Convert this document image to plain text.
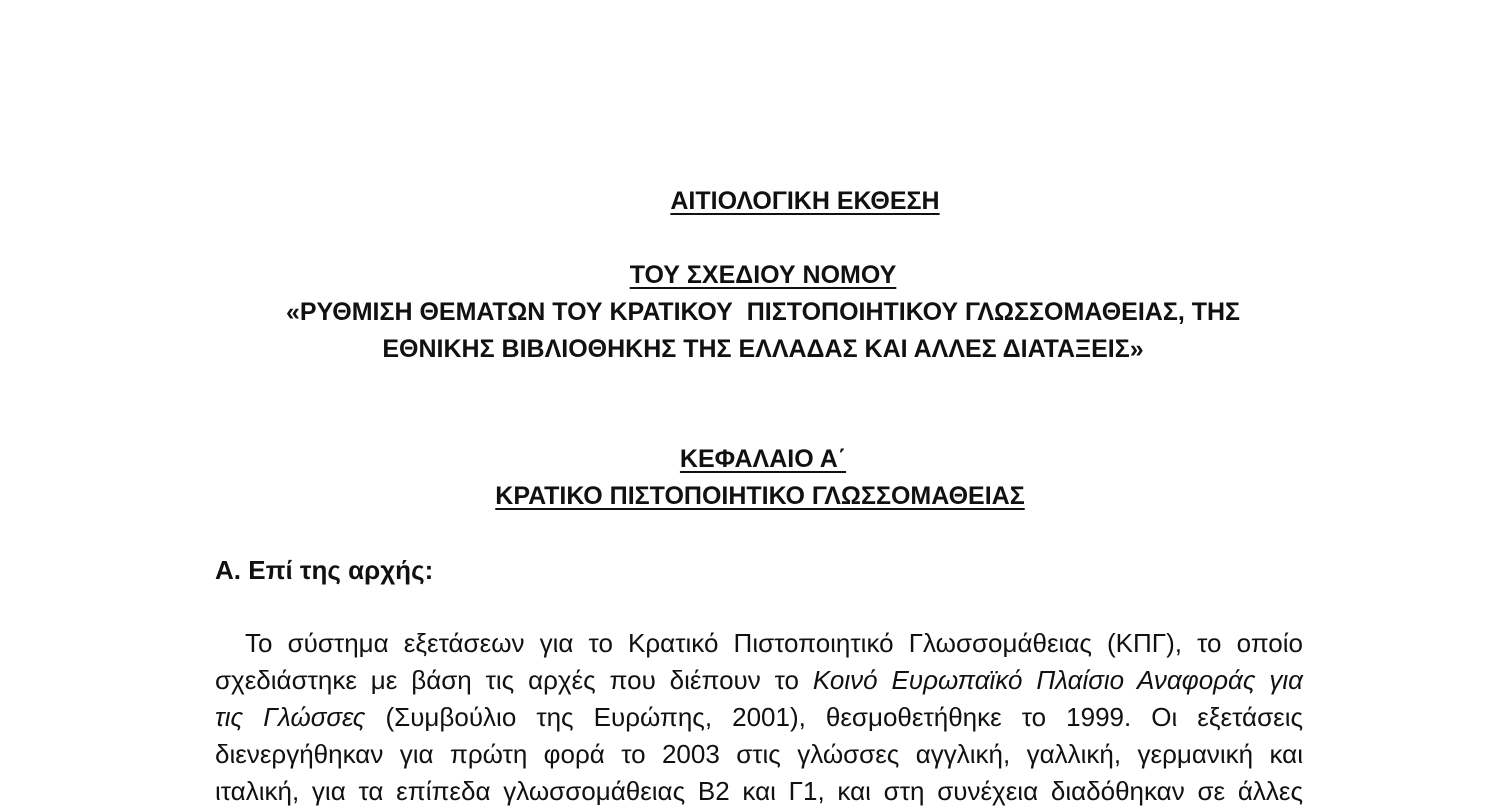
ΑΙΤΙΟΛΟΓΙΚΗ ΕΚΘΕΣΗ
ΤΟΥ ΣΧΕΔΙΟΥ ΝΟΜΟΥ
«ΡΥΘΜΙΣΗ ΘΕΜΑΤΩΝ ΤΟΥ ΚΡΑΤΙΚΟΥ  ΠΙΣΤΟΠΟΙΗΤΙΚΟΥ ΓΛΩΣΣΟΜΑΘΕΙΑΣ, ΤΗΣ
ΕΘΝΙΚΗΣ ΒΙΒΛΙΟΘΗΚΗΣ ΤΗΣ ΕΛΛΑΔΑΣ ΚΑΙ ΑΛΛΕΣ ΔΙΑΤΑΞΕΙΣ»
ΚΕΦΑΛΑΙΟ Α΄
ΚΡΑΤΙΚΟ ΠΙΣΤΟΠΟΙΗΤΙΚΟ ΓΛΩΣΣΟΜΑΘΕΙΑΣ
Α. Επί της αρχής:
Το σύστημα εξετάσεων για το Κρατικό Πιστοποιητικό Γλωσσομάθειας (ΚΠΓ), το οποίο
σχεδιάστηκε με βάση τις αρχές που διέπουν το Κοινό Ευρωπαϊκό Πλαίσιο Αναφοράς για
τις Γλώσσες (Συμβούλιο της Ευρώπης, 2001), θεσμοθετήθηκε το 1999. Οι εξετάσεις
διενεργήθηκαν για πρώτη φορά το 2003 στις γλώσσες αγγλική, γαλλική, γερμανική και
ιταλική, για τα επίπεδα γλωσσομάθειας Β2 και Γ1, και στη συνέχεια διαδόθηκαν σε άλλες
